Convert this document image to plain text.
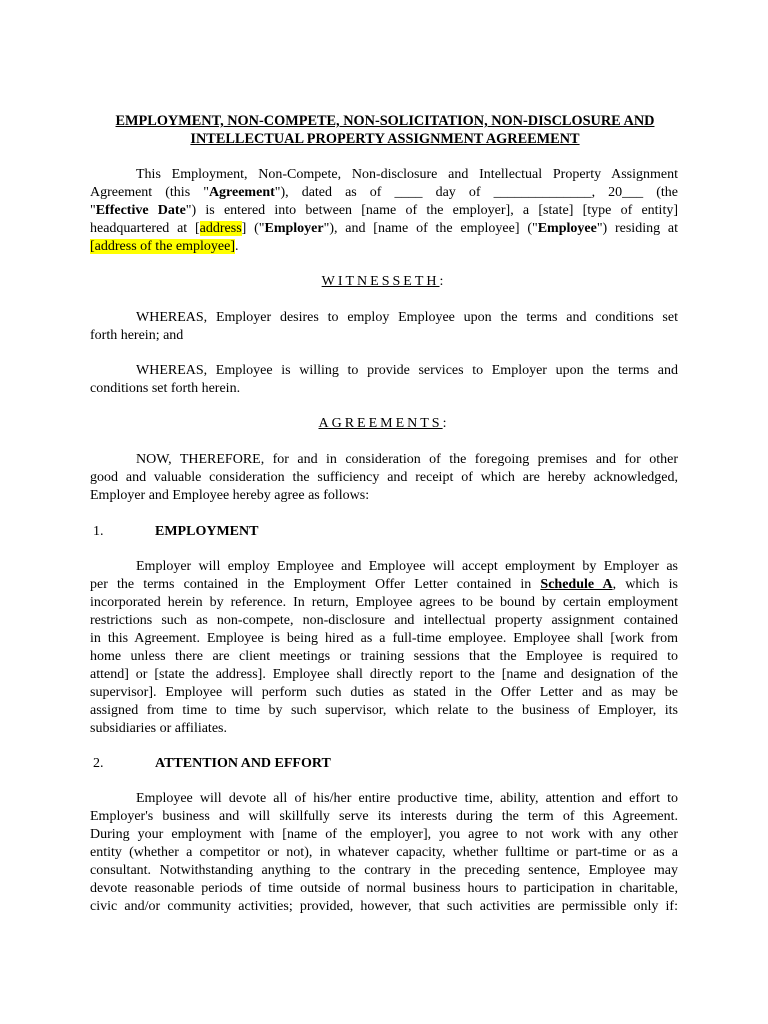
EMPLOYMENT, NON-COMPETE, NON-SOLICITATION, NON-DISCLOSURE AND
INTELLECTUAL PROPERTY ASSIGNMENT AGREEMENT
This Employment, Non-Compete, Non-disclosure and Intellectual Property Assignment
Agreement (this "Agreement"), dated as of ____ day of ______________, 20___ (the
"Effective Date") is entered into between [name of the employer], a [state] [type of entity]
headquartered at [address] ("Employer"), and [name of the employee] ("Employee") residing at
[address of the employee].
WITNESSETH:
WHEREAS, Employer desires to employ Employee upon the terms and conditions set
forth herein; and
WHEREAS, Employee is willing to provide services to Employer upon the terms and
conditions set forth herein.
AGREEMENTS:
NOW, THEREFORE, for and in consideration of the foregoing premises and for other
good and valuable consideration the sufficiency and receipt of which are hereby acknowledged,
Employer and Employee hereby agree as follows:
1.	EMPLOYMENT
Employer will employ Employee and Employee will accept employment by Employer as
per the terms contained in the Employment Offer Letter contained in Schedule A, which is
incorporated herein by reference. In return, Employee agrees to be bound by certain employment
restrictions such as non-compete, non-disclosure and intellectual property assignment contained
in this Agreement. Employee is being hired as a full-time employee. Employee shall [work from
home unless there are client meetings or training sessions that the Employee is required to
attend] or [state the address]. Employee shall directly report to the [name and designation of the
supervisor]. Employee will perform such duties as stated in the Offer Letter and as may be
assigned from time to time by such supervisor, which relate to the business of Employer, its
subsidiaries or affiliates.
2.	ATTENTION AND EFFORT
Employee will devote all of his/her entire productive time, ability, attention and effort to
Employer's business and will skillfully serve its interests during the term of this Agreement.
During your employment with [name of the employer], you agree to not work with any other
entity (whether a competitor or not), in whatever capacity, whether fulltime or part-time or as a
consultant. Notwithstanding anything to the contrary in the preceding sentence, Employee may
devote reasonable periods of time outside of normal business hours to participation in charitable,
civic and/or community activities; provided, however, that such activities are permissible only if:
